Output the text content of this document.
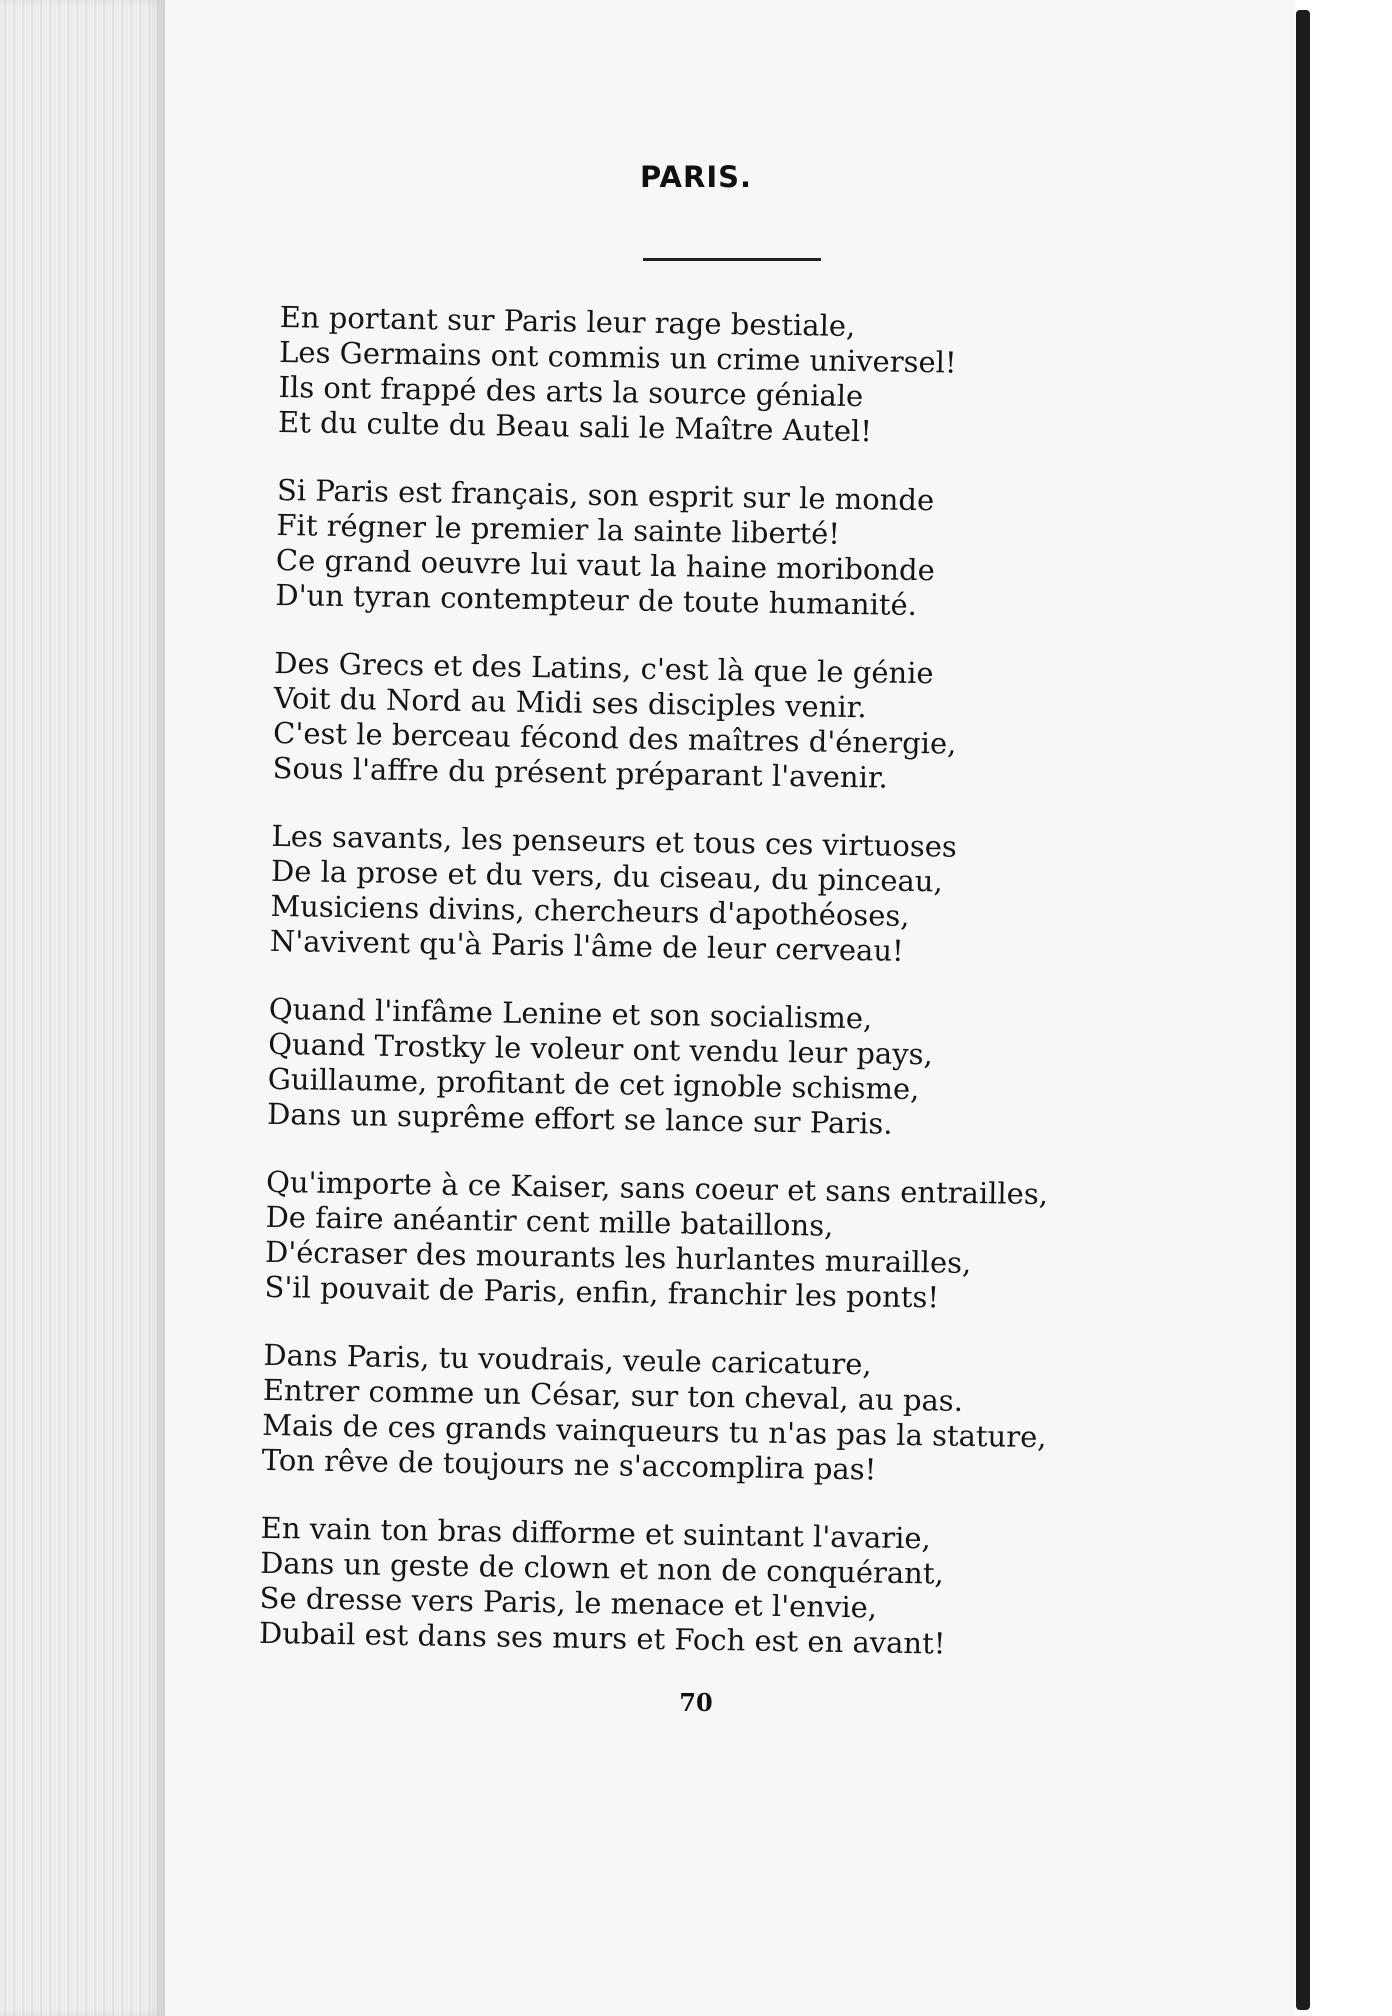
PARIS.
En portant sur Paris leur rage bestiale,
Les Germains ont commis un crime universel!
Ils ont frappé des arts la source géniale
Et du culte du Beau sali le Maître Autel!
Si Paris est français, son esprit sur le monde
Fit régner le premier la sainte liberté!
Ce grand oeuvre lui vaut la haine moribonde
D'un tyran contempteur de toute humanité.
Des Grecs et des Latins, c'est là que le génie
Voit du Nord au Midi ses disciples venir.
C'est le berceau fécond des maîtres d'énergie,
Sous l'affre du présent préparant l'avenir.
Les savants, les penseurs et tous ces virtuoses
De la prose et du vers, du ciseau, du pinceau,
Musiciens divins, chercheurs d'apothéoses,
N'avivent qu'à Paris l'âme de leur cerveau!
Quand l'infâme Lenine et son socialisme,
Quand Trostky le voleur ont vendu leur pays,
Guillaume, profitant de cet ignoble schisme,
Dans un suprême effort se lance sur Paris.
Qu'importe à ce Kaiser, sans coeur et sans entrailles,
De faire anéantir cent mille bataillons,
D'écraser des mourants les hurlantes murailles,
S'il pouvait de Paris, enfin, franchir les ponts!
Dans Paris, tu voudrais, veule caricature,
Entrer comme un César, sur ton cheval, au pas.
Mais de ces grands vainqueurs tu n'as pas la stature,
Ton rêve de toujours ne s'accomplira pas!
En vain ton bras difforme et suintant l'avarie,
Dans un geste de clown et non de conquérant,
Se dresse vers Paris, le menace et l'envie,
Dubail est dans ses murs et Foch est en avant!
70
